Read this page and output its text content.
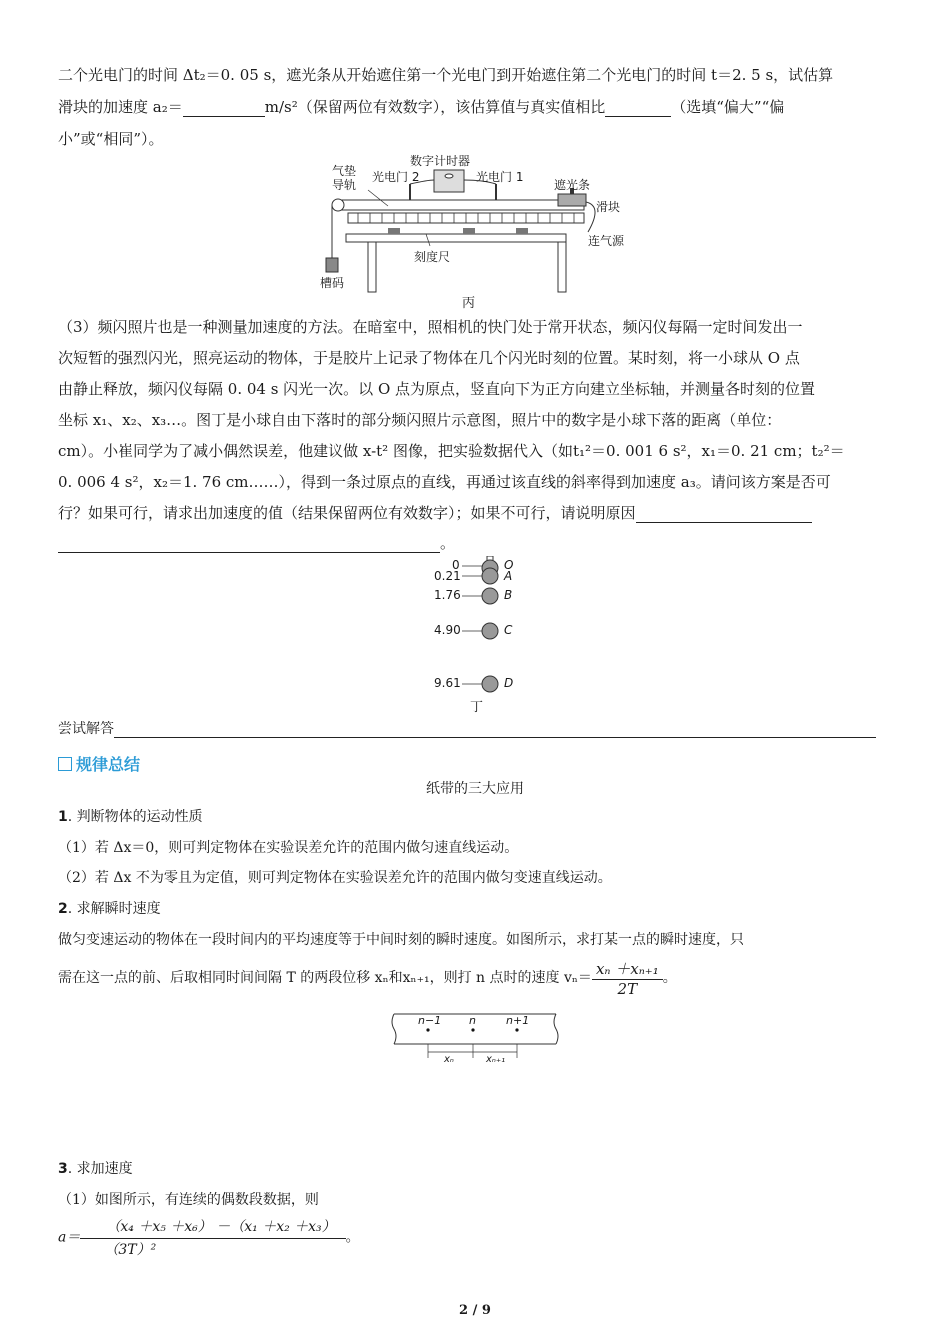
二个光电门的时间 Δt₂＝0. 05 s，遮光条从开始遮住第一个光电门到开始遮住第二个光电门的时间 t＝2. 5 s，试估算
滑块的加速度 a₂＝	m/s²（保留两位有效数字），该估算值与真实值相比	（选填“偏大”“偏
小”或“相同”）。
气垫
导轨
数字计时器
光电门 2	光电门 1
遮光条
滑块
连气源
刻度尺
槽码
丙
（3）频闪照片也是一种测量加速度的方法。在暗室中，照相机的快门处于常开状态，频闪仪每隔一定时间发出一
次短暂的强烈闪光，照亮运动的物体，于是胶片上记录了物体在几个闪光时刻的位置。某时刻，将一小球从 O 点
由静止释放，频闪仪每隔 0. 04 s 闪光一次。以 O 点为原点，竖直向下为正方向建立坐标轴，并测量各时刻的位置
坐标 x₁、x₂、x₃…。图丁是小球自由下落时的部分频闪照片示意图，照片中的数字是小球下落的距离（单位：
cm）。小崔同学为了减小偶然误差，他建议做 x-t² 图像，把实验数据代入（如t₁²＝0. 001 6 s²，x₁＝0. 21 cm；t₂²＝
0. 006 4 s²，x₂＝1. 76 cm……），得到一条过原点的直线，再通过该直线的斜率得到加速度 a₃。请问该方案是否可
行？如果可行，请求出加速度的值（结果保留两位有效数字）；如果不可行，请说明原因
。
0
0.21
1.76
4.90
9.61
O
A
B
C
D
丁
尝试解答
规律总结
纸带的三大应用
1. 判断物体的运动性质
（1）若 Δx＝0，则可判定物体在实验误差允许的范围内做匀速直线运动。
（2）若 Δx 不为零且为定值，则可判定物体在实验误差允许的范围内做匀变速直线运动。
2. 求解瞬时速度
做匀变速运动的物体在一段时间内的平均速度等于中间时刻的瞬时速度。如图所示，求打某一点的瞬时速度，只
需在这一点的前、后取相同时间间隔 T 的两段位移 xₙ和xₙ₊₁，则打 n 点时的速度 $v_n= \frac{\text{xₙ ＋xₙ₊₁}}{2T}$ 。
n−1	n	n+1
xₙ	xₙ₊₁
3. 求加速度
（1）如图所示，有连续的偶数段数据，则
$a= \frac{\text{（x₄ ＋x₅ ＋x₆） －（x₁ ＋x₂ ＋x₃）}}{\text{（3T）²}}$ 。
2 / 9
